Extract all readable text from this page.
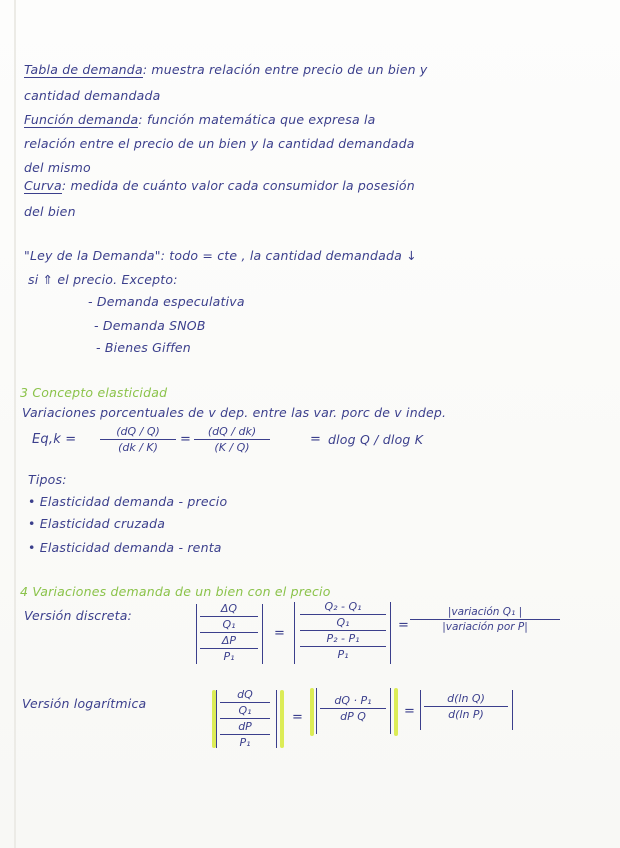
Tabla de demanda: muestra relación entre precio de un bien y
cantidad demandada
Función demanda: función matemática que expresa la
relación entre el precio de un bien y la cantidad demandada
del mismo
Curva: medida de cuánto valor cada consumidor la posesión
del bien
"Ley de la Demanda": todo = cte , la cantidad demandada ↓
si ⇑ el precio. Excepto:
- Demanda especulativa
- Demanda SNOB
- Bienes Giffen
3 Concepto elasticidad
Variaciones porcentuales de v dep. entre las var. porc de v indep.
Eq,k =
(dQ / Q)
(dk / K)
=
(dQ / dk)
(K / Q)
= dlog Q / dlog K
Tipos:
• Elasticidad demanda - precio
• Elasticidad cruzada
• Elasticidad demanda - renta
4 Variaciones demanda de un bien con el precio
Versión discreta:	ΔQ
Q₁
ΔP
P₁
=
Q₂ - Q₁
Q₁
P₂ - P₁
P₁
=
|variación Q₁ |
|variación por P|
Versión logarítmica
dQ
Q₁
dP
P₁
=
dQ · P₁
dP Q	=
d(ln Q)
d(ln P)
